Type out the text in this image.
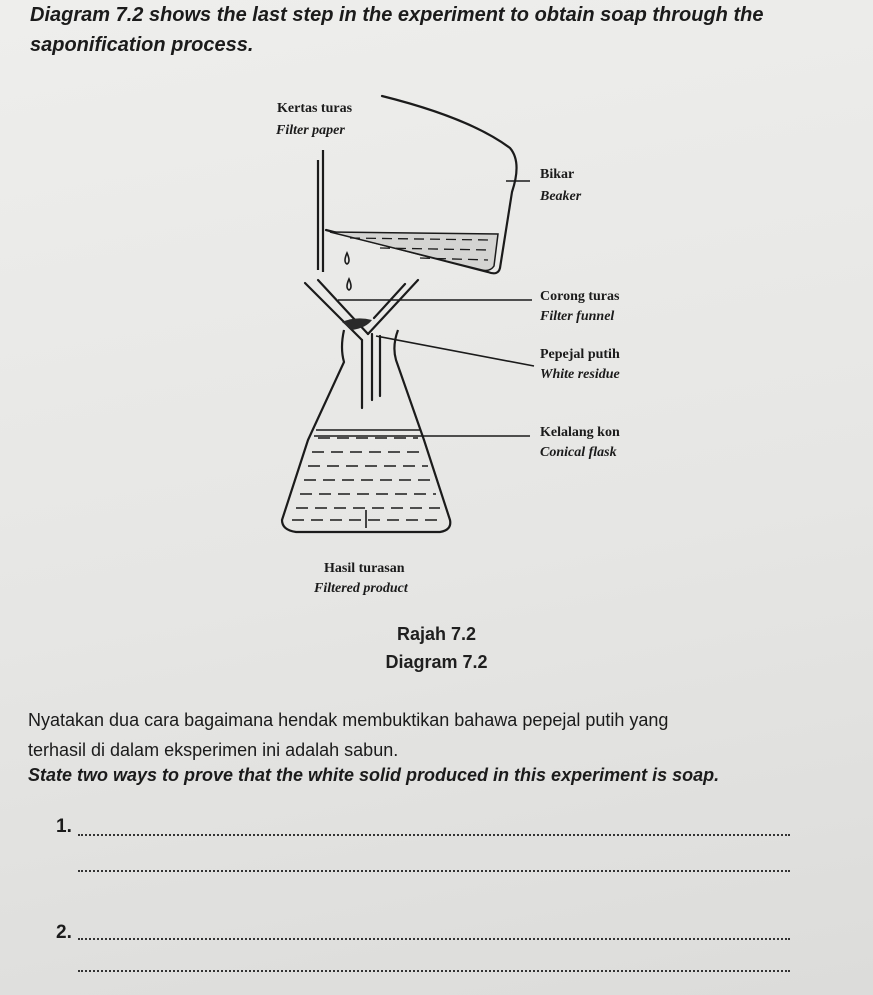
Diagram 7.2 shows the last step in the experiment to obtain soap through the
saponification process.

Kertas turas
Filter paper
Bikar
Beaker
Corong turas
Filter funnel
Pepejal putih
White residue
Kelalang kon
Conical flask
Hasil turasan
Filtered product

Rajah 7.2

Diagram 7.2

Nyatakan dua cara bagaimana hendak membuktikan bahawa pepejal putih yang
terhasil di dalam eksperimen ini adalah sabun.

State two ways to prove that the white solid produced in this experiment is soap.

1.

2.
